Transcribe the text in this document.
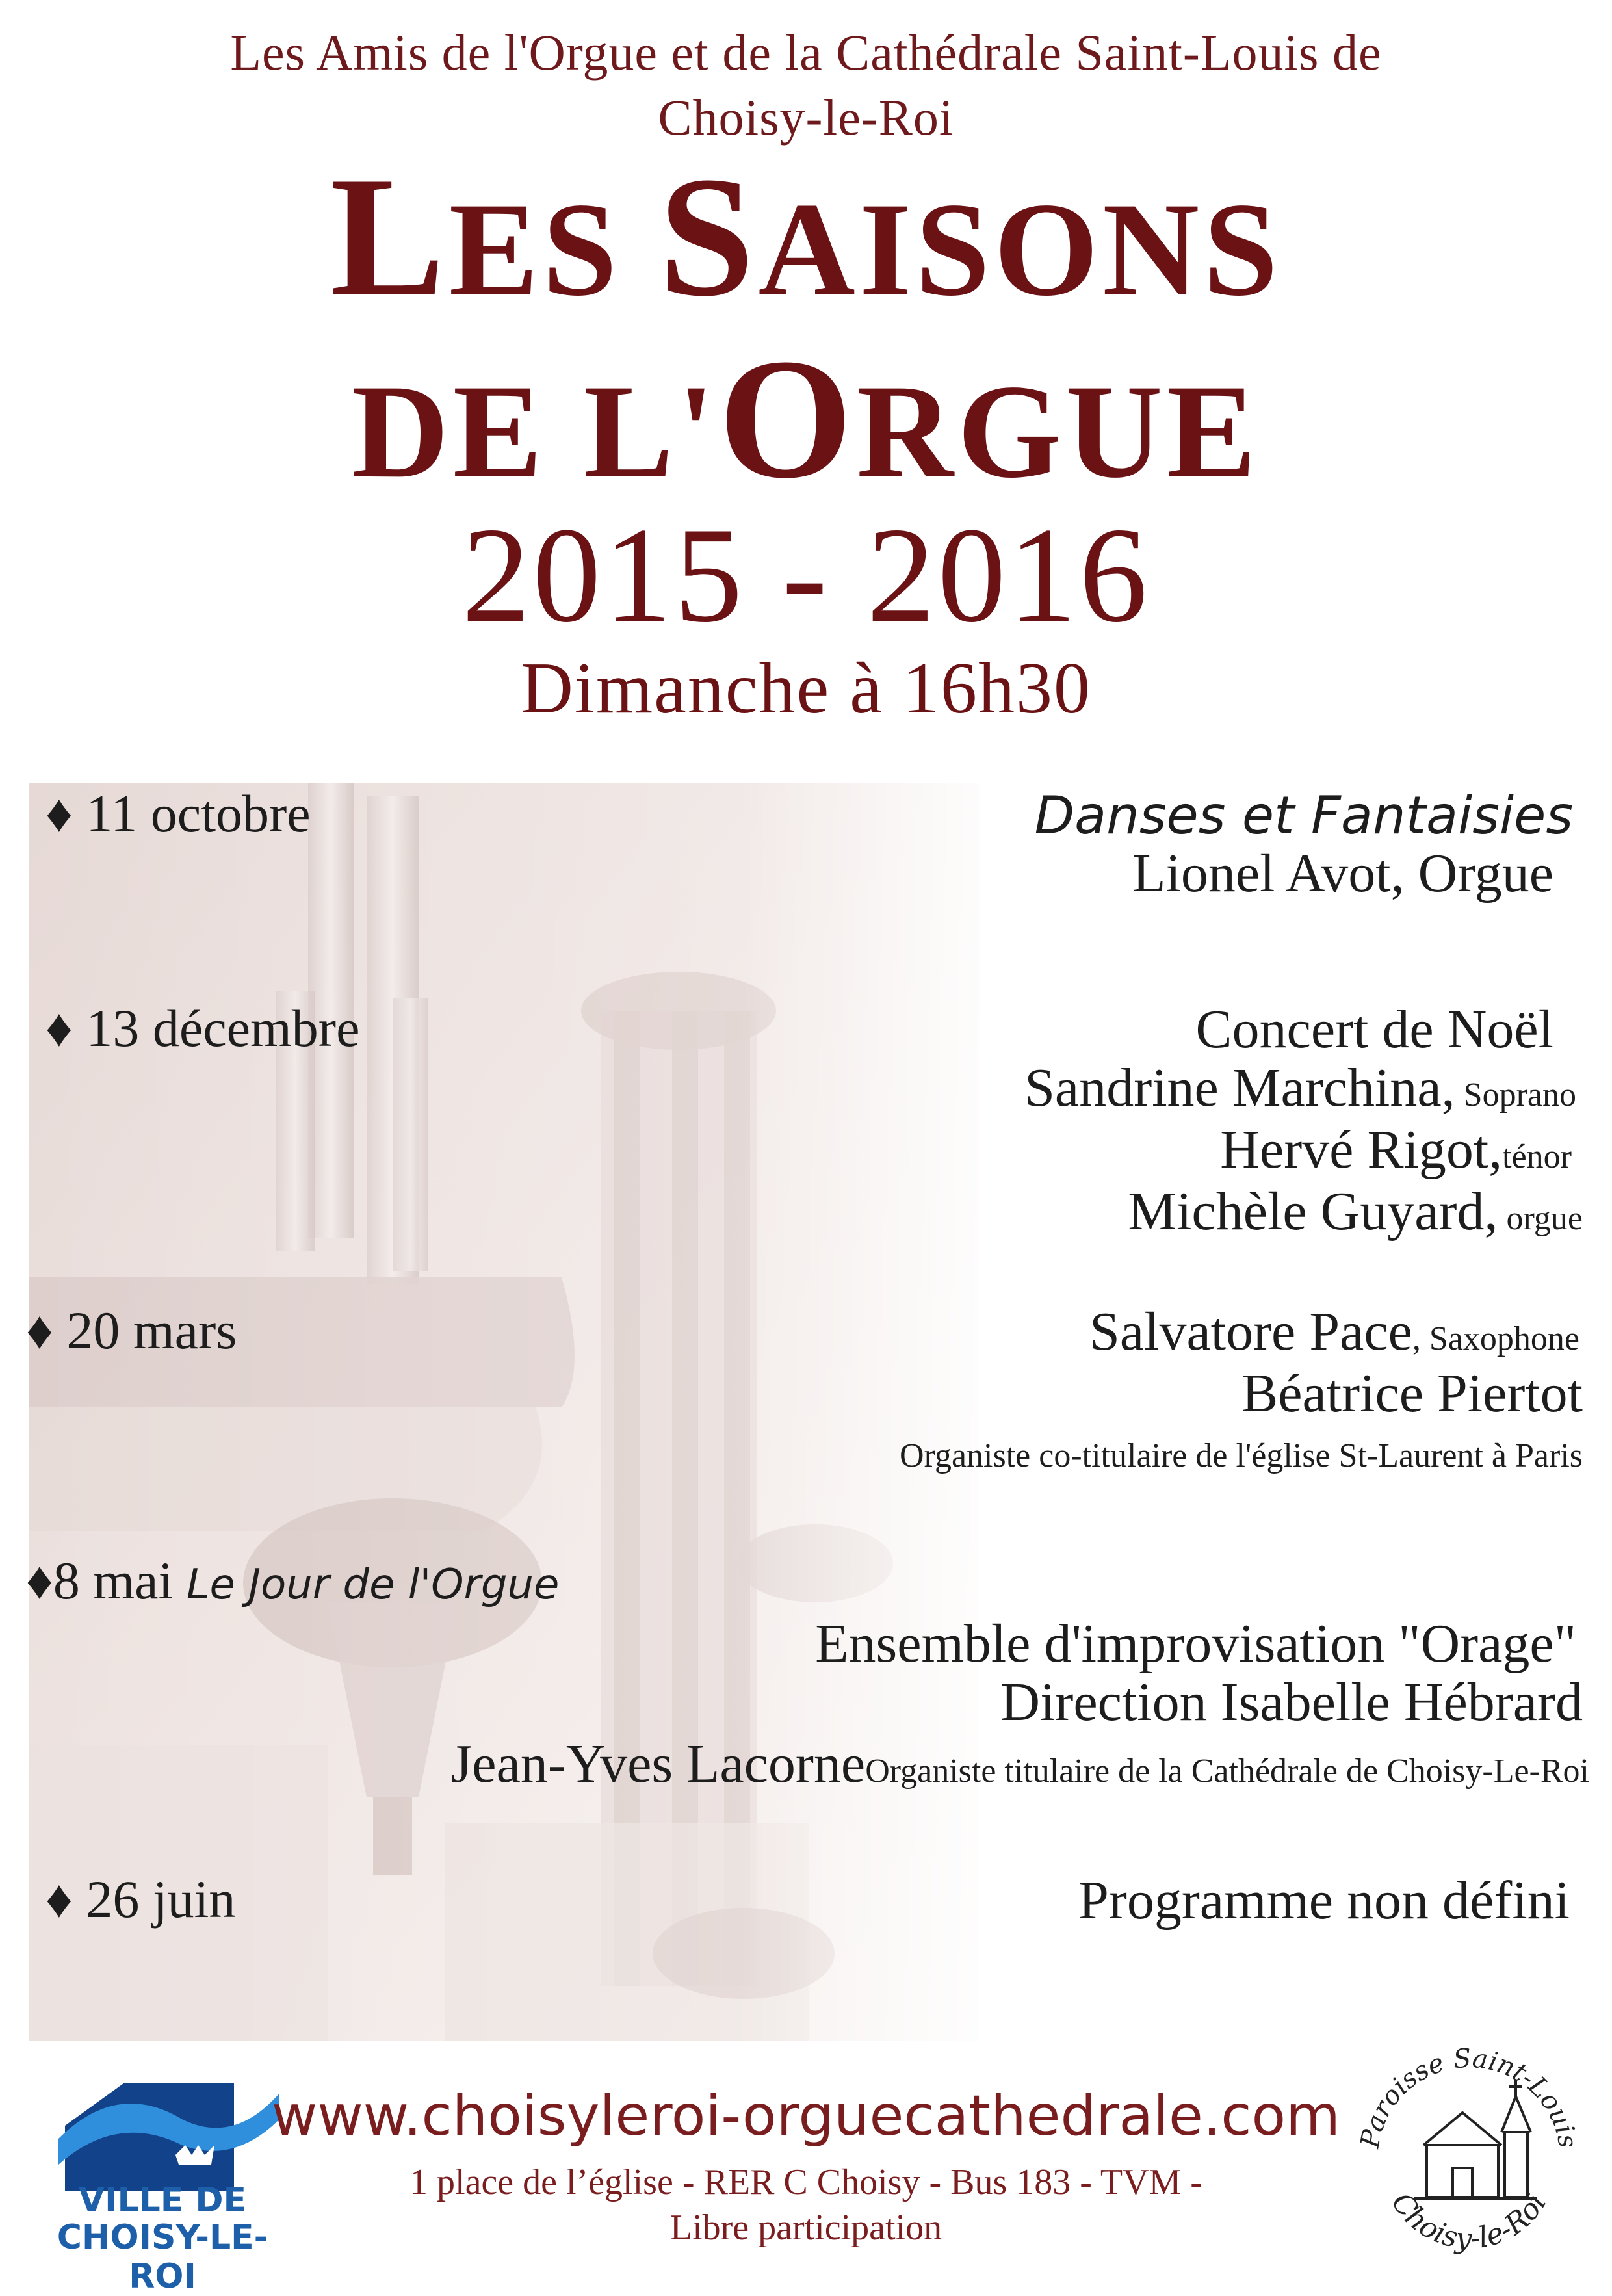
Les Amis de l'Orgue et de la Cathédrale Saint-Louis de
Choisy-le-Roi
LES SAISONS
DE L'ORGUE
2015 - 2016
Dimanche à 16h30
♦ 11 octobre	Danses et Fantaisies
Lionel Avot, Orgue
♦ 13 décembre	Concert de Noël
Sandrine Marchina, Soprano
Hervé Rigot,ténor
Michèle Guyard, orgue
♦ 20 mars	Salvatore Pace, Saxophone
Béatrice Piertot
Organiste co-titulaire de l'église St-Laurent à Paris
♦8 mai Le Jour de l'Orgue
Ensemble d'improvisation "Orage"
Direction Isabelle Hébrard
Jean-Yves LacorneOrganiste titulaire de la Cathédrale de Choisy-Le-Roi
♦ 26 juin	Programme non défini
VILLE DE
CHOISY-LE-ROI
www.choisyleroi-orguecathedrale.com
1 place de l’église - RER C Choisy - Bus 183 - TVM -
Libre participation
Paroisse Saint-Louis
Choisy-le-Roi
